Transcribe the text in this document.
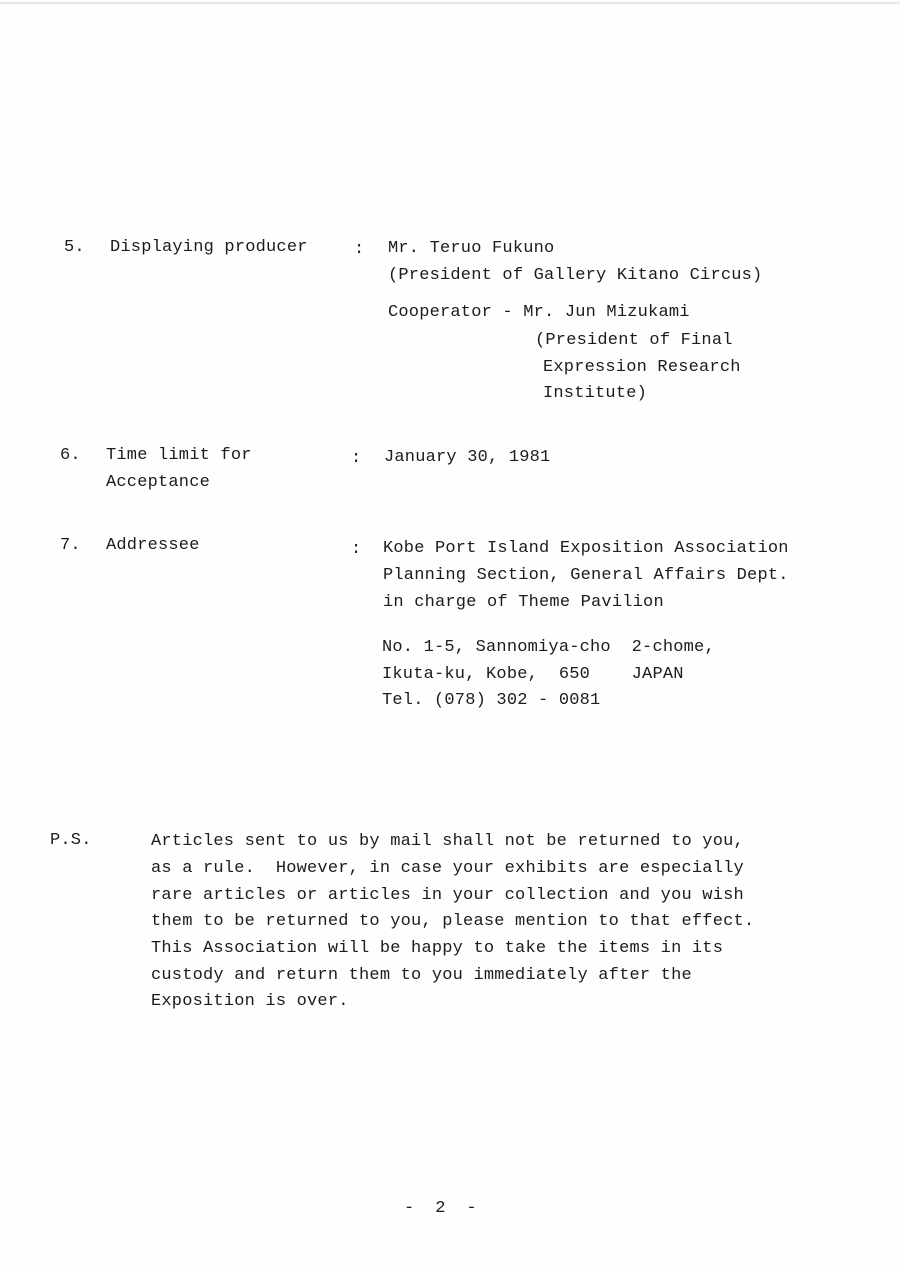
5. Displaying producer	: Mr. Teruo Fukuno
(President of Gallery Kitano Circus)
Cooperator - Mr. Jun Mizukami
(President of Final
Expression Research
Institute)
6. Time limit for
Acceptance
: January 30, 1981
7. Addressee	: Kobe Port Island Exposition Association
Planning Section, General Affairs Dept.
in charge of Theme Pavilion
No. 1-5, Sannomiya-cho  2-chome,
Ikuta-ku, Kobe,  650    JAPAN
Tel. (078) 302 - 0081
P.S.	Articles sent to us by mail shall not be returned to you,
as a rule.  However, in case your exhibits are especially
rare articles or articles in your collection and you wish
them to be returned to you, please mention to that effect.
This Association will be happy to take the items in its
custody and return them to you immediately after the
Exposition is over.
-  2  -
